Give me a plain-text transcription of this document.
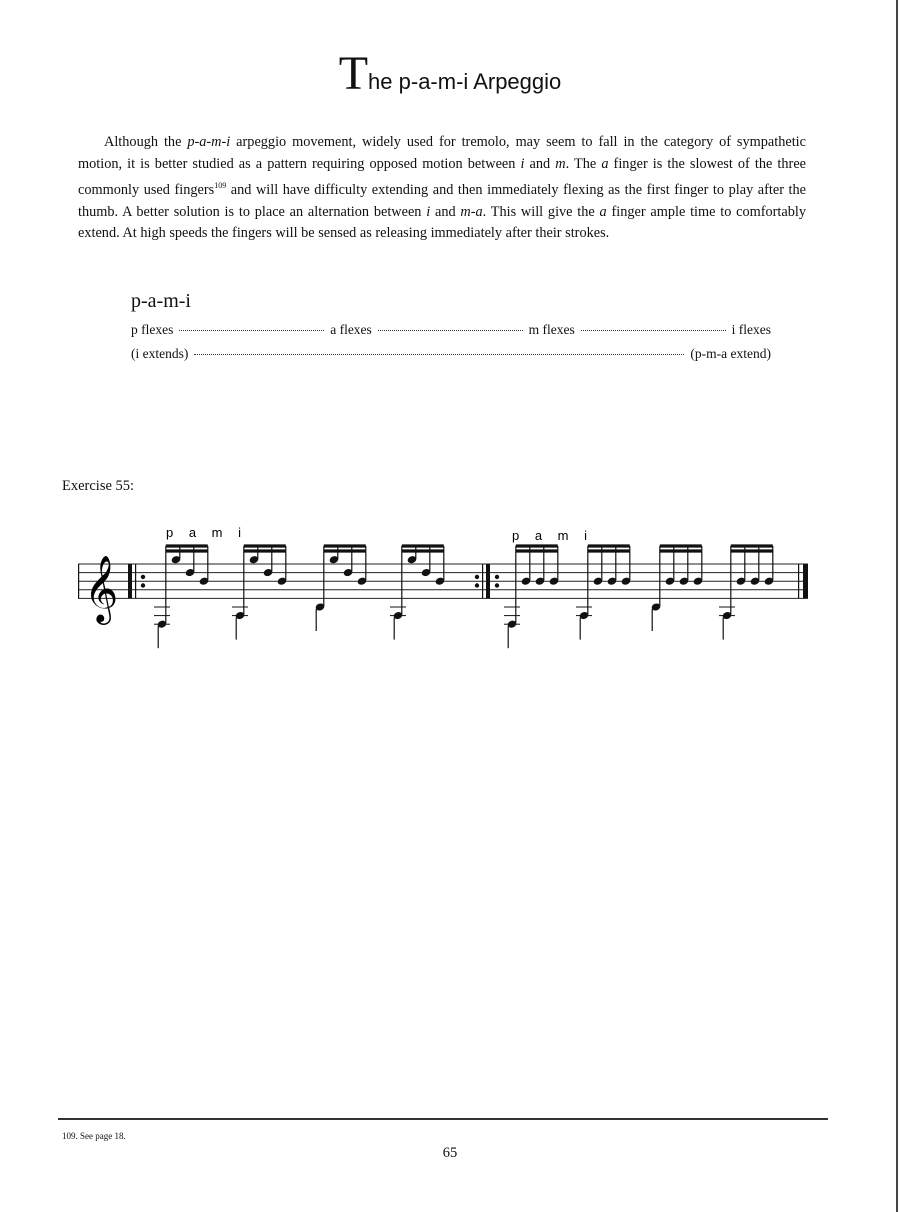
The p-a-m-i Arpeggio

Although the p-a-m-i arpeggio movement, widely used for tremolo, may seem to fall in the category of sympathetic motion, it is better studied as a pattern requiring opposed motion between i and m. The a finger is the slowest of the three commonly used fingers$^{109}$ and will have difficulty extending and then immediately flexing as the first finger to play after the thumb. A better solution is to place an alternation between i and m-a. This will give the a finger ample time to comfortably extend. At high speeds the fingers will be sensed as releasing immediately after their strokes.

p-a-m-i
p flexes	a flexes	m flexes	i flexes
(i extends)	(p-m-a extend)
Exercise 55:
p a m i	p a m i
𝄞
109. See page 18.
65
